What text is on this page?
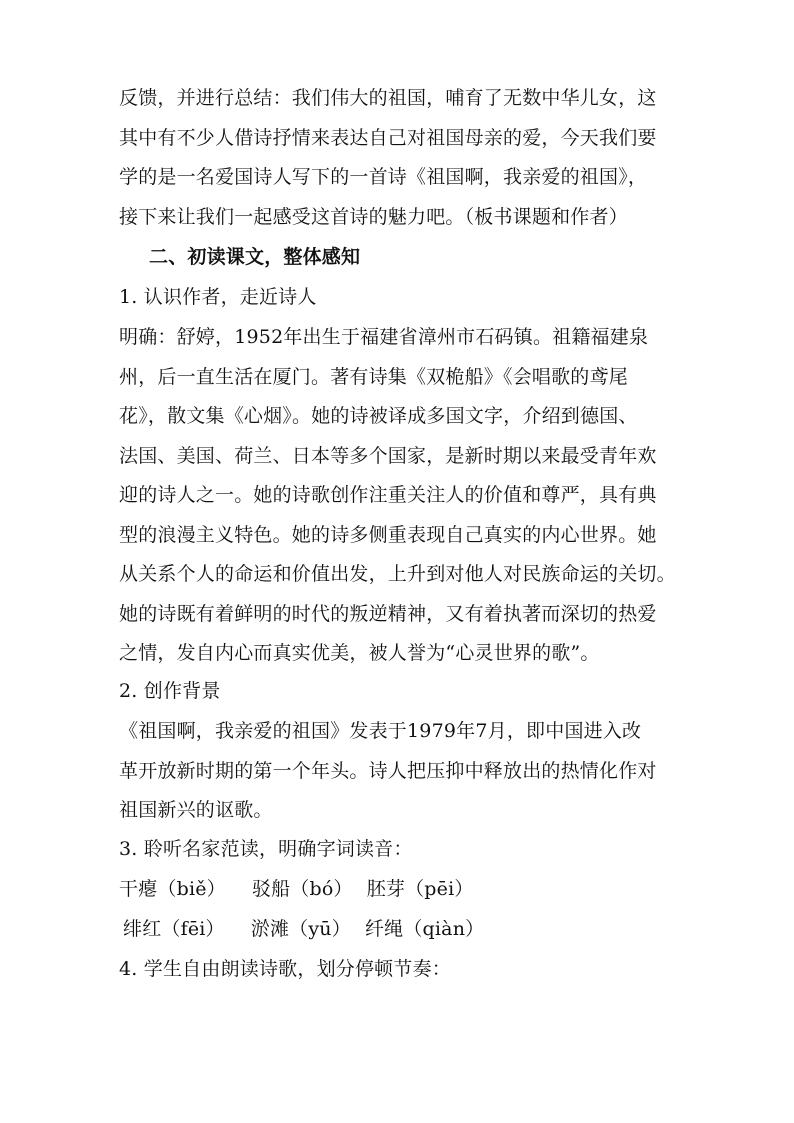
反馈，并进行总结：我们伟大的祖国，哺育了无数中华儿女，这
其中有不少人借诗抒情来表达自己对祖国母亲的爱，今天我们要
学的是一名爱国诗人写下的一首诗《祖国啊，我亲爱的祖国》，
接下来让我们一起感受这首诗的魅力吧。（板书课题和作者）
二、初读课文，整体感知
1. 认识作者，走近诗人
明确：舒婷，1952年出生于福建省漳州市石码镇。祖籍福建泉
州，后一直生活在厦门。著有诗集《双桅船》《会唱歌的鸢尾
花》，散文集《心烟》。她的诗被译成多国文字，介绍到德国、
法国、美国、荷兰、日本等多个国家，是新时期以来最受青年欢
迎的诗人之一。她的诗歌创作注重关注人的价值和尊严，具有典
型的浪漫主义特色。她的诗多侧重表现自己真实的内心世界。她
从关系个人的命运和价值出发，上升到对他人对民族命运的关切。
她的诗既有着鲜明的时代的叛逆精神，又有着执著而深切的热爱
之情，发自内心而真实优美，被人誉为“心灵世界的歌”。
2. 创作背景
《祖国啊，我亲爱的祖国》发表于1979年7月，即中国进入改
革开放新时期的第一个年头。诗人把压抑中释放出的热情化作对
祖国新兴的讴歌。
3. 聆听名家范读，明确字词读音：
干瘪（biě） 驳船（bó） 胚芽（pēi）
绯红（fēi） 淤滩（yū） 纤绳（qiàn）
4. 学生自由朗读诗歌，划分停顿节奏：
